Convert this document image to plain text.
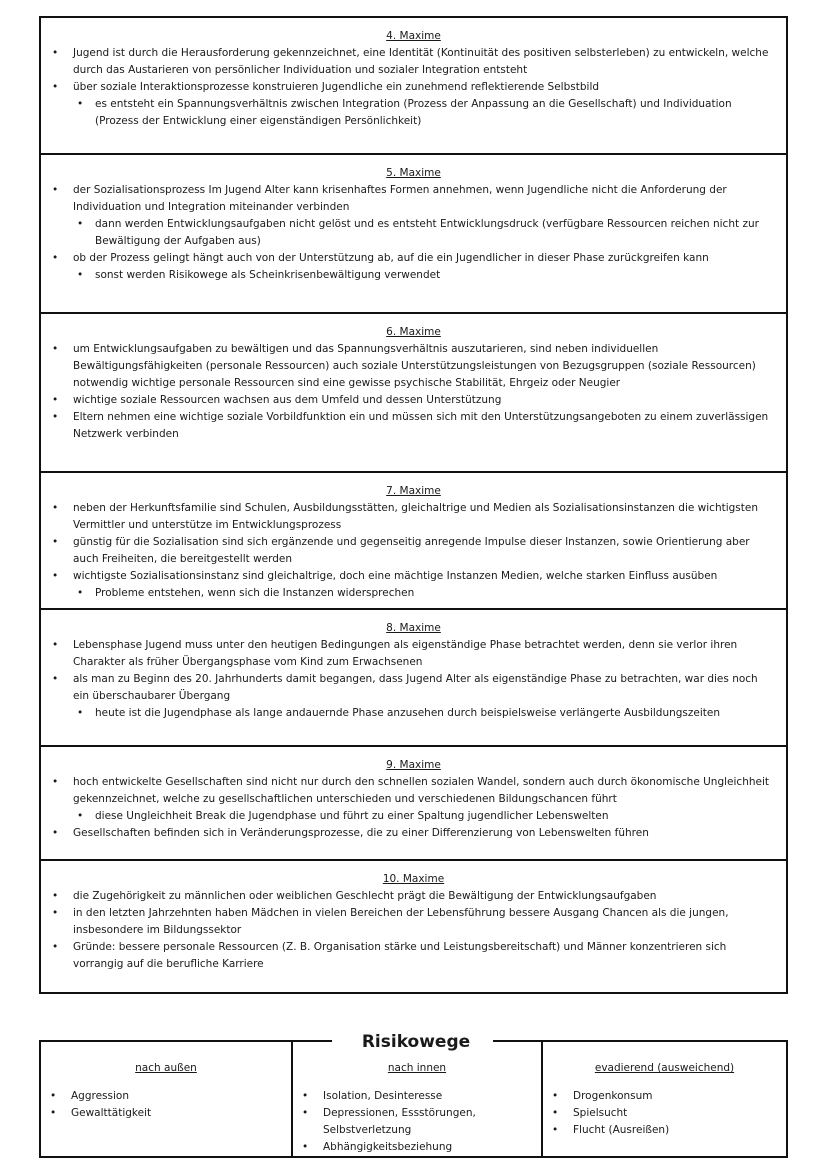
4. Maxime
• Jugend ist durch die Herausforderung gekennzeichnet, eine Identität (Kontinuität des positiven selbsterleben) zu entwickeln, welche durch das Austarieren von persönlicher Individuation und sozialer Integration entsteht
• über soziale Interaktionsprozesse konstruieren Jugendliche ein zunehmend reflektierende Selbstbild
• es entsteht ein Spannungsverhältnis zwischen Integration (Prozess der Anpassung an die Gesellschaft) und Individuation (Prozess der Entwicklung einer eigenständigen Persönlichkeit)
5. Maxime
• der Sozialisationsprozess Im Jugend Alter kann krisenhaftes Formen annehmen, wenn Jugendliche nicht die Anforderung der Individuation und Integration miteinander verbinden
• dann werden Entwicklungsaufgaben nicht gelöst und es entsteht Entwicklungsdruck (verfügbare Ressourcen reichen nicht zur Bewältigung der Aufgaben aus)
• ob der Prozess gelingt hängt auch von der Unterstützung ab, auf die ein Jugendlicher in dieser Phase zurückgreifen kann
• sonst werden Risikowege als Scheinkrisenbewältigung verwendet
6. Maxime
• um Entwicklungsaufgaben zu bewältigen und das Spannungsverhältnis auszutarieren, sind neben individuellen Bewältigungsfähigkeiten (personale Ressourcen) auch soziale Unterstützungsleistungen von Bezugsgruppen (soziale Ressourcen) notwendig wichtige personale Ressourcen sind eine gewisse psychische Stabilität, Ehrgeiz oder Neugier
• wichtige soziale Ressourcen wachsen aus dem Umfeld und dessen Unterstützung
• Eltern nehmen eine wichtige soziale Vorbildfunktion ein und müssen sich mit den Unterstützungsangeboten zu einem zuverlässigen Netzwerk verbinden
7. Maxime
• neben der Herkunftsfamilie sind Schulen, Ausbildungsstätten, gleichaltrige und Medien als Sozialisationsinstanzen die wichtigsten Vermittler und unterstütze im Entwicklungsprozess
• günstig für die Sozialisation sind sich ergänzende und gegenseitig anregende Impulse dieser Instanzen, sowie Orientierung aber auch Freiheiten, die bereitgestellt werden
• wichtigste Sozialisationsinstanz sind gleichaltrige, doch eine mächtige Instanzen Medien, welche starken Einfluss ausüben
• Probleme entstehen, wenn sich die Instanzen widersprechen
8. Maxime
• Lebensphase Jugend muss unter den heutigen Bedingungen als eigenständige Phase betrachtet werden, denn sie verlor ihren Charakter als früher Übergangsphase vom Kind zum Erwachsenen
• als man zu Beginn des 20. Jahrhunderts damit begangen, dass Jugend Alter als eigenständige Phase zu betrachten, war dies noch ein überschaubarer Übergang
• heute ist die Jugendphase als lange andauernde Phase anzusehen durch beispielsweise verlängerte Ausbildungszeiten
9. Maxime
• hoch entwickelte Gesellschaften sind nicht nur durch den schnellen sozialen Wandel, sondern auch durch ökonomische Ungleichheit gekennzeichnet, welche zu gesellschaftlichen unterschieden und verschiedenen Bildungschancen führt
• diese Ungleichheit Break die Jugendphase und führt zu einer Spaltung jugendlicher Lebenswelten
• Gesellschaften befinden sich in Veränderungsprozesse, die zu einer Differenzierung von Lebenswelten führen
10. Maxime
• die Zugehörigkeit zu männlichen oder weiblichen Geschlecht prägt die Bewältigung der Entwicklungsaufgaben
• in den letzten Jahrzehnten haben Mädchen in vielen Bereichen der Lebensführung bessere Ausgang Chancen als die jungen, insbesondere im Bildungssektor
• Gründe: bessere personale Ressourcen (Z. B. Organisation stärke und Leistungsbereitschaft) und Männer konzentrieren sich vorrangig auf die berufliche Karriere
Risikowege
nach außen
• Aggression
• Gewalttätigkeit
nach innen
• Isolation, Desinteresse
• Depressionen, Essstörungen, Selbstverletzung
• Abhängigkeitsbeziehung
evadierend (ausweichend)
• Drogenkonsum
• Spielsucht
• Flucht (Ausreißen)
